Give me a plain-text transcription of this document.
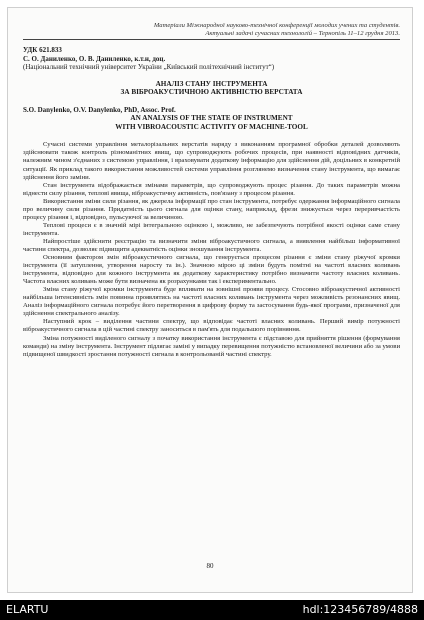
Матеріали Міжнародної науково-технічної конференції молодих учених та студентів.
Актуальні задачі сучасних технологій – Тернопіль 11–12 грудня 2013.
УДК 621.833
С. О. Даниленко, О. В. Даниленко, к.т.н, доц.
(Національний технічний університет України „Київський політехнічний інститут“)
АНАЛІЗ СТАНУ ІНСТРУМЕНТА
ЗА ВІБРОАКУСТИЧНОЮ АКТИВНІСТЮ ВЕРСТАТА
S.O. Danylenko, O.V. Danylenko, PhD, Assoc. Prof.
AN ANALYSIS OF THE STATE OF INSTRUMENT
WITH VIBROACOUSTIC ACTIVITY OF MACHINE-TOOL

Сучасні системи управління металорізальних верстатів наряду з виконанням програмної обробки деталей дозволяють здійснювати також контроль різноманітних явищ, що супроводжують робочих процесів, при наявності відповідних датчиків, належним чином з'єднаних з системою управління, і враховувати додаткову інформацію для здійснення дій, доцільних в конкретній ситуації. Як приклад такого використання можливостей системи управління розглянемо визначення стану інструмента, що вимагає здійснення його заміни.

Стан інструмента відображається змінами параметрів, що супроводжують процес різання. До таких параметрів можна віднести силу різання, теплові явища, віброакустичну активність, пов'язану з процесом різання.

Використання зміни сили різання, як джерела інформації про стан інструмента, потребує одержання інформаційного сигнала про величину сили різання. Придатність цього сигнала для оцінки стану, наприклад, фрези знижується через переривчастість процесу різання і, відповідно, пульсуючої за величиною.

Теплові процеси є в значній мірі інтегральною оцінкою і, можливо, не забезпечують потрібної якості оцінки саме стану інструмента.

Найпростіше здійснити реєстрацію та визначити зміни віброакустичного сигнала, а виявлення найбільш інформативної частини спектра, дозволяє підвищити адекватність оцінки зношування інструмента.

Основним фактором змін віброакустичного сигнала, що генерується процесом різання є зміни стану ріжучої кромки інструмента (її затуплення, утворення наросту та ін.). Значною мірою ці зміни будуть помітні на частоті власних коливань інструмента, відповідно для кожного інструмента як додаткову характеристику потрібно визначити частоту власних коливань. Частота власних коливань може бути визначена як розрахунками так і експериментально.

Зміна стану ріжучої кромки інструмента буде впливати на зовнішні прояви процесу. Стосовно віброакустичної активності найбільша інтенсивність змін повинна проявлятись на частоті власних коливань інструмента через можливість резонансних явищ. Аналіз інформаційного сигнала потребує його перетворення в цифрову форму та застосування будь-якої програми, призначеної для здійснення спектрального аналізу.

Наступний крок – виділення частини спектру, що відповідає частоті власних коливань. Перший вимір потужності віброакустичного сигнала в цій частині спектру заноситься в пам'ять для подальшого порівняння.

Зміна потужності виділеного сигналу з початку використання інструмента є підставою для прийняття рішення (формування команди) на зміну інструмента. Інструмент підлягає заміні у випадку перевищення потужністю встановленої величини або за умови підвищеної швидкості зростання потужності сигнала в контрольованій частині спектру.

80
ELARTU	hdl:123456789/4888
